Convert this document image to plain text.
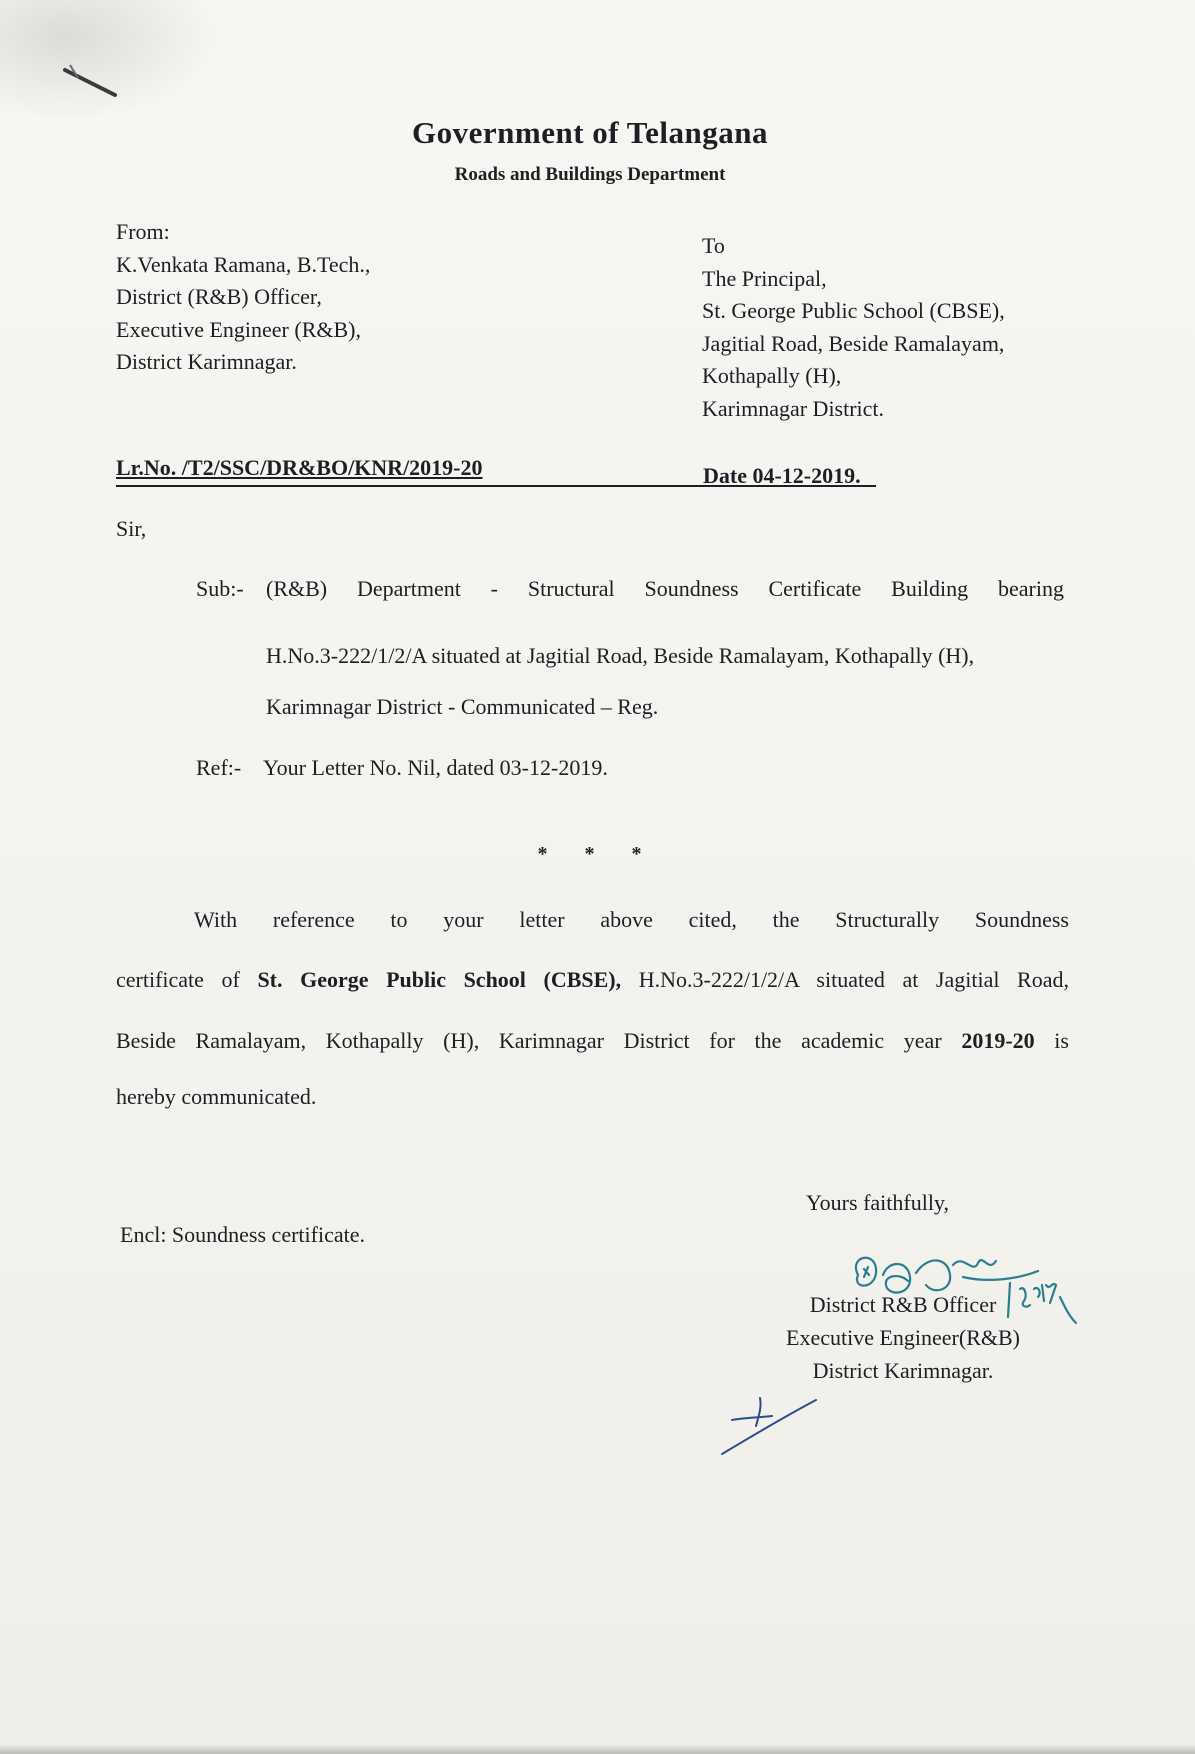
Government of Telangana
Roads and Buildings Department
From:
K.Venkata Ramana, B.Tech.,
District (R&B) Officer,
Executive Engineer (R&B),
District Karimnagar.
To
The Principal,
St. George Public School (CBSE),
Jagitial Road, Beside Ramalayam,
Kothapally (H),
Karimnagar District.
Lr.No. /T2/SSC/DR&BO/KNR/2019-20	Date 04-12-2019.
Sir,
Sub:- (R&B) Department - Structural Soundness Certificate Building bearing
H.No.3-222/1/2/A situated at Jagitial Road, Beside Ramalayam, Kothapally (H),
Karimnagar District - Communicated – Reg.
Ref:- Your Letter No. Nil, dated 03-12-2019.
* * *
With reference to your letter above cited, the Structurally Soundness
certificate of St. George Public School (CBSE), H.No.3-222/1/2/A situated at Jagitial Road,
Beside Ramalayam, Kothapally (H), Karimnagar District for the academic year 2019-20 is
hereby communicated.
Yours faithfully,
Encl: Soundness certificate.
District R&B Officer
Executive Engineer(R&B)
District Karimnagar.
